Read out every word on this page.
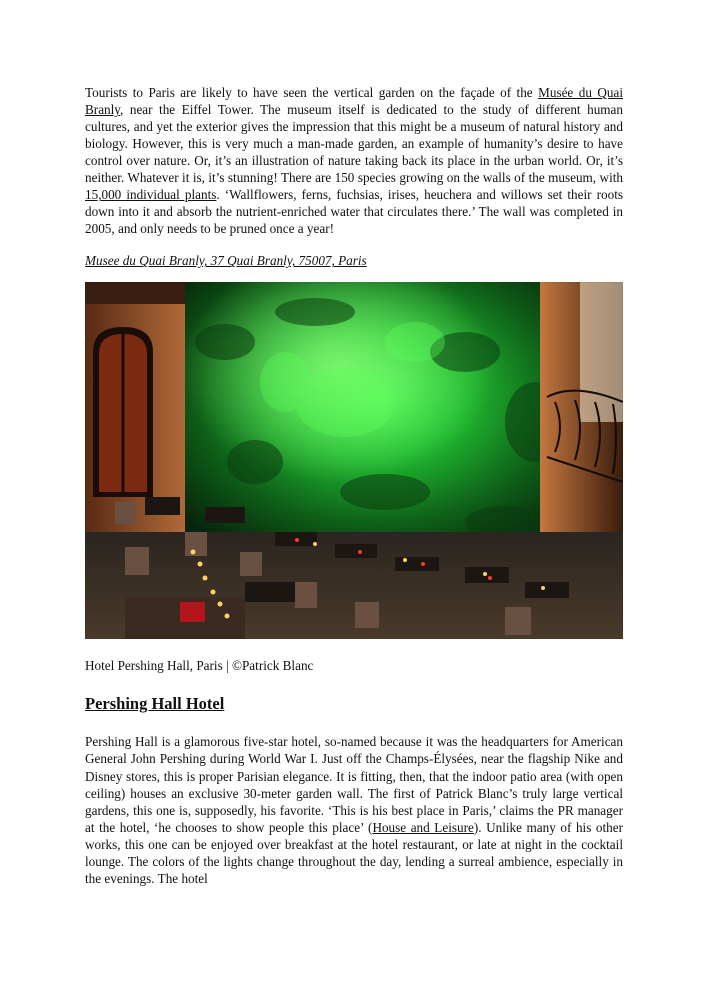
Tourists to Paris are likely to have seen the vertical garden on the façade of the Musée du Quai Branly, near the Eiffel Tower. The museum itself is dedicated to the study of different human cultures, and yet the exterior gives the impression that this might be a museum of natural history and biology. However, this is very much a man-made garden, an example of humanity’s desire to have control over nature. Or, it’s an illustration of nature taking back its place in the urban world. Or, it’s neither. Whatever it is, it’s stunning! There are 150 species growing on the walls of the museum, with 15,000 individual plants. ‘Wallflowers, ferns, fuchsias, irises, heuchera and willows set their roots down into it and absorb the nutrient-enriched water that circulates there.’ The wall was completed in 2005, and only needs to be pruned once a year!

Musee du Quai Branly, 37 Quai Branly, 75007, Paris
Hotel Pershing Hall, Paris | ©Patrick Blanc
Pershing Hall Hotel

Pershing Hall is a glamorous five-star hotel, so-named because it was the headquarters for American General John Pershing during World War I. Just off the Champs-Élysées, near the flagship Nike and Disney stores, this is proper Parisian elegance. It is fitting, then, that the indoor patio area (with open ceiling) houses an exclusive 30-meter garden wall. The first of Patrick Blanc’s truly large vertical gardens, this one is, supposedly, his favorite. ‘This is his best place in Paris,’ claims the PR manager at the hotel, ‘he chooses to show people this place’ (House and Leisure). Unlike many of his other works, this one can be enjoyed over breakfast at the hotel restaurant, or late at night in the cocktail lounge. The colors of the lights change throughout the day, lending a surreal ambience, especially in the evenings. The hotel
